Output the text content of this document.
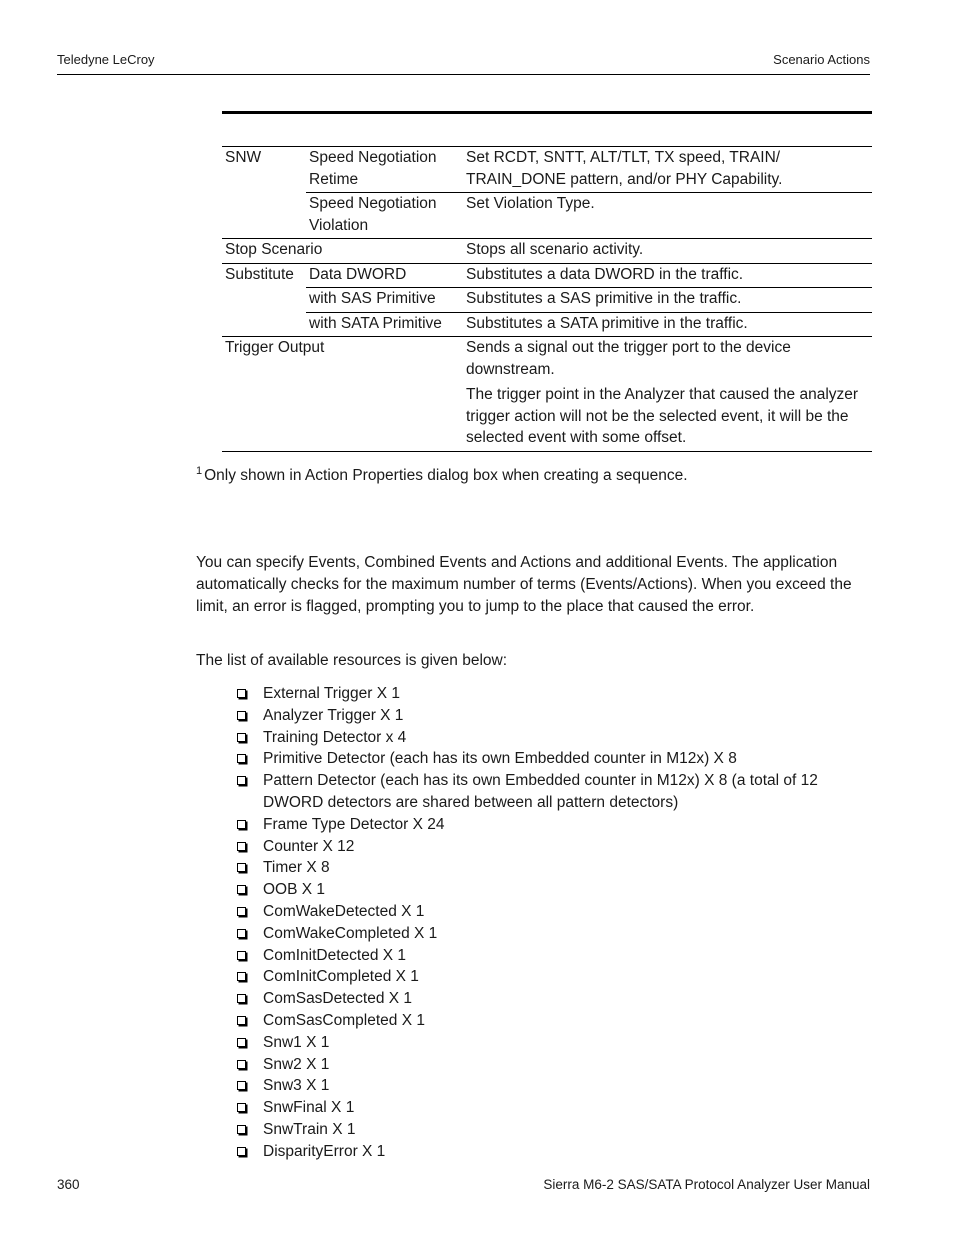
Teledyne LeCroy	Scenario Actions
SNW	Speed Negotiation Retime	Set RCDT, SNTT, ALT/TLT, TX speed, TRAIN/ TRAIN_DONE pattern, and/or PHY Capability.

	Speed Negotiation Violation	Set Violation Type.

Stop Scenario		Stops all scenario activity.

Substitute	Data DWORD	Substitutes a data DWORD in the traffic.

	with SAS Primitive	Substitutes a SAS primitive in the traffic.

	with SATA Primitive	Substitutes a SATA primitive in the traffic.

Trigger Output		Sends a signal out the trigger port to the device downstream.
The trigger point in the Analyzer that caused the analyzer trigger action will not be the selected event, it will be the selected event with some offset.
$^1$ Only shown in Action Properties dialog box when creating a sequence.
You can specify Events, Combined Events and Actions and additional Events. The application automatically checks for the maximum number of terms (Events/Actions). When you exceed the limit, an error is flagged, prompting you to jump to the place that caused the error.
The list of available resources is given below:
External Trigger X 1
Analyzer Trigger X 1
Training Detector x 4
Primitive Detector (each has its own Embedded counter in M12x) X 8
Pattern Detector (each has its own Embedded counter in M12x) X 8 (a total of 12 DWORD detectors are shared between all pattern detectors)
Frame Type Detector X 24
Counter X 12
Timer X 8
OOB X 1
ComWakeDetected X 1
ComWakeCompleted X 1
ComInitDetected X 1
ComInitCompleted X 1
ComSasDetected X 1
ComSasCompleted X 1
Snw1 X 1
Snw2 X 1
Snw3 X 1
SnwFinal X 1
SnwTrain X 1
DisparityError X 1
360	Sierra M6-2 SAS/SATA Protocol Analyzer User Manual
